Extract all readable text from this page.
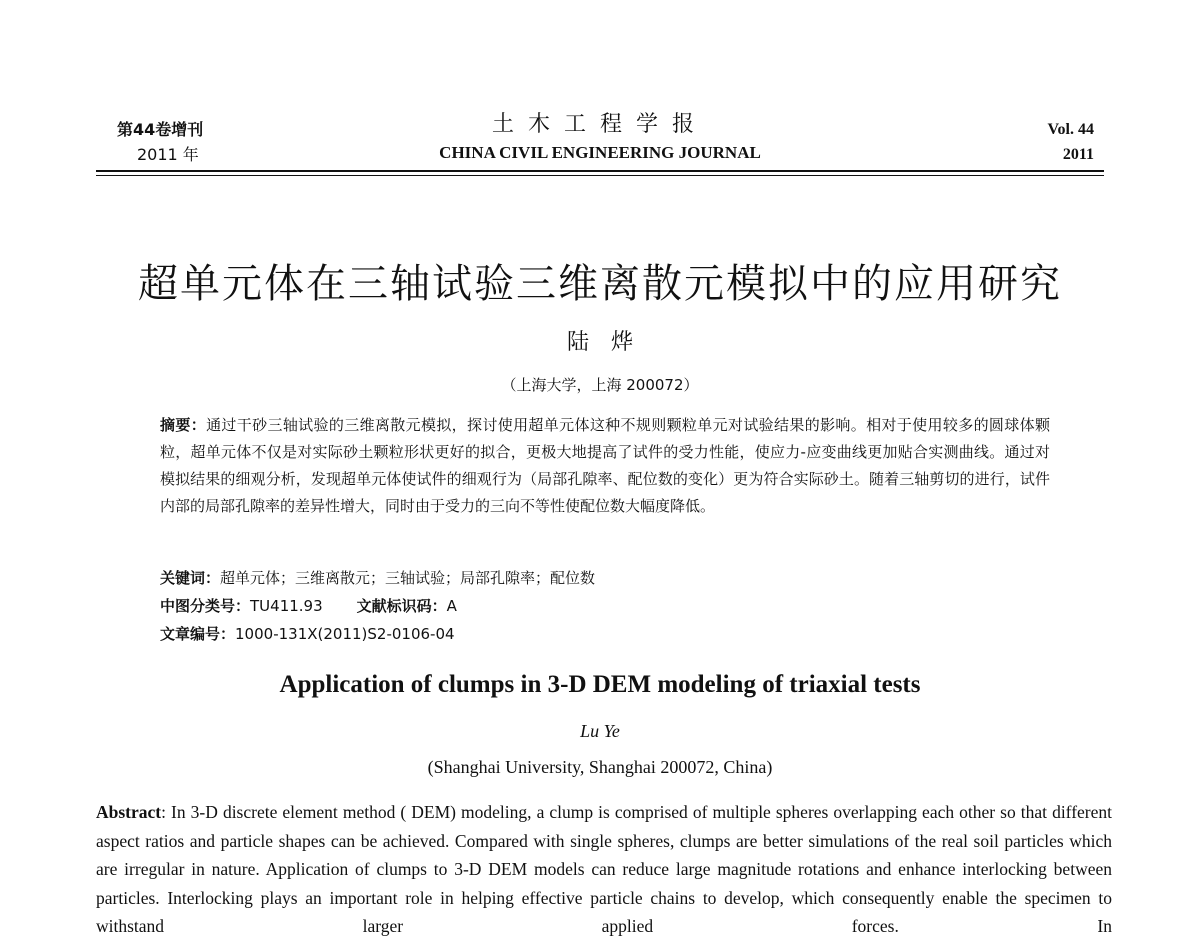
第44卷增刊
2011 年
土木工程学报
CHINA CIVIL ENGINEERING JOURNAL
Vol. 44
2011
超单元体在三轴试验三维离散元模拟中的应用研究
陆烨
（上海大学，上海 200072）
摘要：通过干砂三轴试验的三维离散元模拟，探讨使用超单元体这种不规则颗粒单元对试验结果的影响。相对于使用较多的圆球体颗粒，超单元体不仅是对实际砂土颗粒形状更好的拟合，更极大地提高了试件的受力性能，使应力-应变曲线更加贴合实测曲线。通过对模拟结果的细观分析，发现超单元体使试件的细观行为（局部孔隙率、配位数的变化）更为符合实际砂土。随着三轴剪切的进行，试件内部的局部孔隙率的差异性增大，同时由于受力的三向不等性使配位数大幅度降低。
关键词：超单元体；三维离散元；三轴试验；局部孔隙率；配位数
中图分类号：TU411.93 文献标识码：A
文章编号：1000-131X(2011)S2-0106-04
Application of clumps in 3-D DEM modeling of triaxial tests
Lu Ye
(Shanghai University, Shanghai 200072, China)
Abstract: In 3-D discrete element method ( DEM) modeling, a clump is comprised of multiple spheres overlapping each other so that different aspect ratios and particle shapes can be achieved. Compared with single spheres, clumps are better simulations of the real soil particles which are irregular in nature. Application of clumps to 3-D DEM models can reduce large magnitude rotations and enhance interlocking between particles. Interlocking plays an important role in helping effective particle chains to develop, which consequently enable the specimen to withstand larger applied forces. In
